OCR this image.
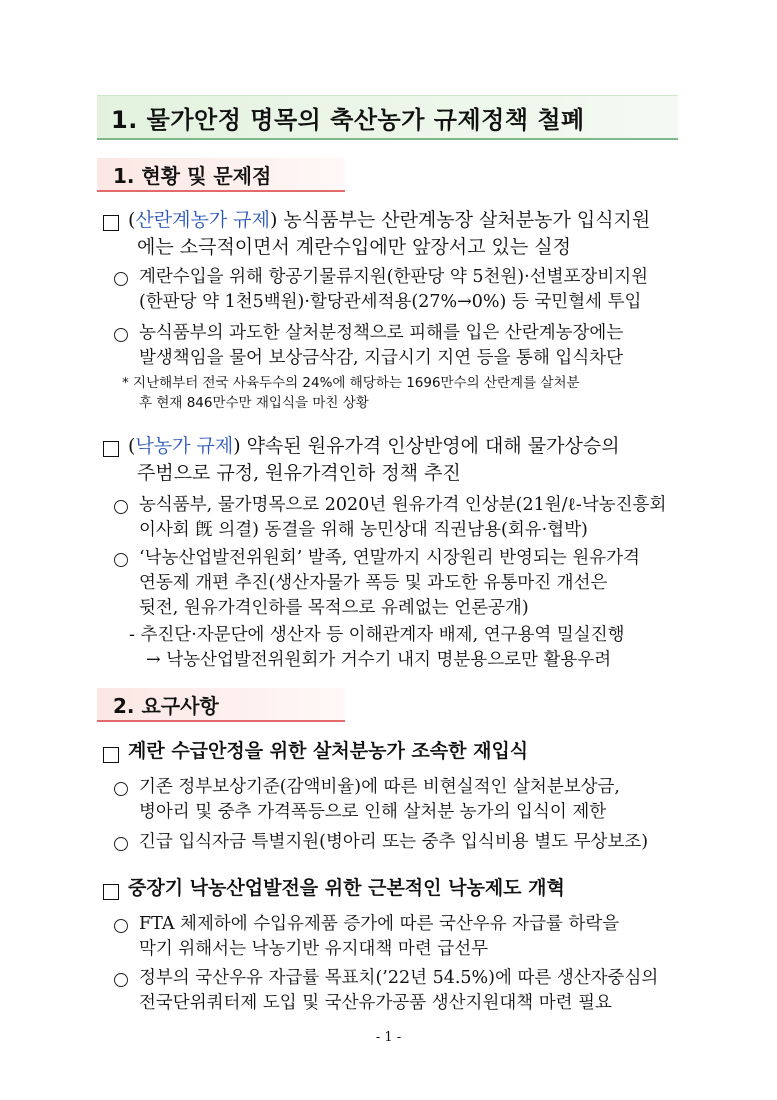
1. 물가안정 명목의 축산농가 규제정책 철폐
1. 현황 및 문제점
(산란계농가 규제) 농식품부는 산란계농장 살처분농가 입식지원
에는 소극적이면서 계란수입에만 앞장서고 있는 실정
계란수입을 위해 항공기물류지원(한판당 약 5천원)·선별포장비지원
(한판당 약 1천5백원)·할당관세적용(27%→0%) 등 국민혈세 투입
농식품부의 과도한 살처분정책으로 피해를 입은 산란계농장에는
발생책임을 물어 보상금삭감, 지급시기 지연 등을 통해 입식차단
* 지난해부터 전국 사육두수의 24%에 해당하는 1696만수의 산란계를 살처분
후 현재 846만수만 재입식을 마친 상황
(낙농가 규제) 약속된 원유가격 인상반영에 대해 물가상승의
주범으로 규정, 원유가격인하 정책 추진
농식품부, 물가명목으로 2020년 원유가격 인상분(21원/ℓ-낙농진흥회
이사회 旣 의결) 동결을 위해 농민상대 직권남용(회유·협박)
‘낙농산업발전위원회’ 발족, 연말까지 시장원리 반영되는 원유가격
연동제 개편 추진(생산자물가 폭등 및 과도한 유통마진 개선은
뒷전, 원유가격인하를 목적으로 유례없는 언론공개)
- 추진단·자문단에 생산자 등 이해관계자 배제, 연구용역 밀실진행
→ 낙농산업발전위원회가 거수기 내지 명분용으로만 활용우려
2. 요구사항
계란 수급안정을 위한 살처분농가 조속한 재입식
기존 정부보상기준(감액비율)에 따른 비현실적인 살처분보상금,
병아리 및 중추 가격폭등으로 인해 살처분 농가의 입식이 제한
긴급 입식자금 특별지원(병아리 또는 중추 입식비용 별도 무상보조)
중장기 낙농산업발전을 위한 근본적인 낙농제도 개혁
FTA 체제하에 수입유제품 증가에 따른 국산우유 자급률 하락을
막기 위해서는 낙농기반 유지대책 마련 급선무
정부의 국산우유 자급률 목표치(’22년 54.5%)에 따른 생산자중심의
전국단위쿼터제 도입 및 국산유가공품 생산지원대책 마련 필요
- 1 -
